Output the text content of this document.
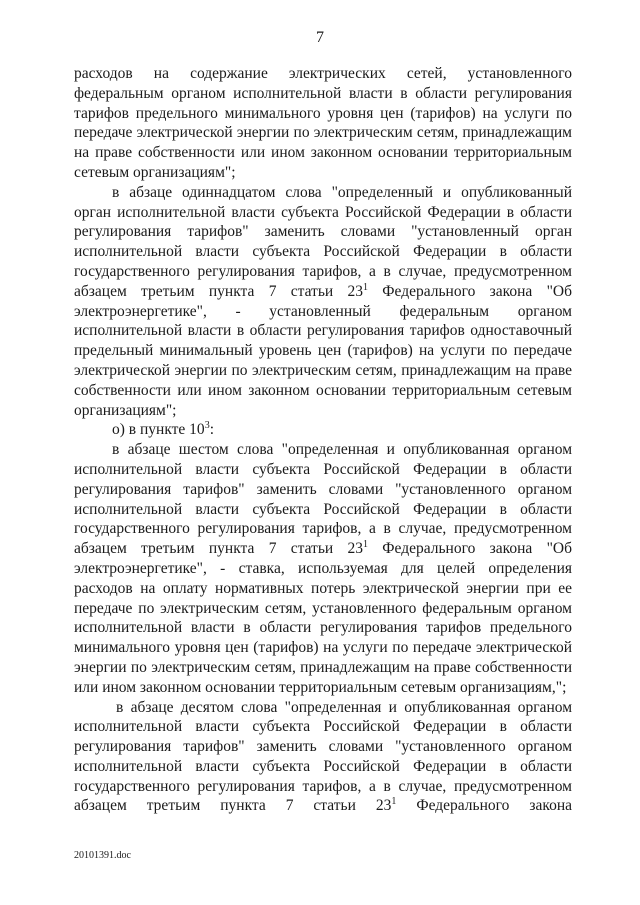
7

расходов на содержание электрических сетей, установленного федеральным органом исполнительной власти в области регулирования тарифов предельного минимального уровня цен (тарифов) на услуги по передаче электрической энергии по электрическим сетям, принадлежащим на праве собственности или ином законном основании территориальным сетевым организациям";

в абзаце одиннадцатом слова "определенный и опубликованный орган исполнительной власти субъекта Российской Федерации в области регулирования тарифов" заменить словами "установленный орган исполнительной власти субъекта Российской Федерации в области государственного регулирования тарифов, а в случае, предусмотренном абзацем третьим пункта 7 статьи $23^1$ Федерального закона "Об электроэнергетике", - установленный федеральным органом исполнительной власти в области регулирования тарифов одноставочный предельный минимальный уровень цен (тарифов) на услуги по передаче электрической энергии по электрическим сетям, принадлежащим на праве собственности или ином законном основании территориальным сетевым организациям";

о) в пункте $10^3$:

в абзаце шестом слова "определенная и опубликованная органом исполнительной власти субъекта Российской Федерации в области регулирования тарифов" заменить словами "установленного органом исполнительной власти субъекта Российской Федерации в области государственного регулирования тарифов, а в случае, предусмотренном абзацем третьим пункта 7 статьи $23^1$ Федерального закона "Об электроэнергетике", - ставка, используемая для целей определения расходов на оплату нормативных потерь электрической энергии при ее передаче по электрическим сетям, установленного федеральным органом исполнительной власти в области регулирования тарифов предельного минимального уровня цен (тарифов) на услуги по передаче электрической энергии по электрическим сетям, принадлежащим на праве собственности или ином законном основании территориальным сетевым организациям,";

в абзаце десятом слова "определенная и опубликованная органом исполнительной власти субъекта Российской Федерации в области регулирования тарифов" заменить словами "установленного органом исполнительной власти субъекта Российской Федерации в области государственного регулирования тарифов, а в случае, предусмотренном абзацем третьим пункта 7 статьи $23^1$ Федерального закона

20101391.doc
